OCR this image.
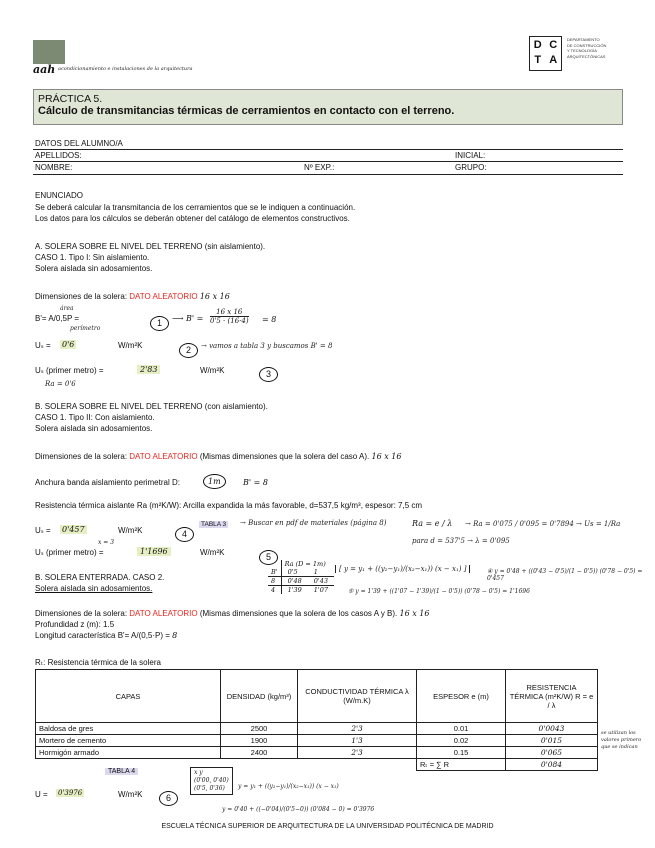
aah acondicionamiento e instalaciones de la arquitectura
D C
T A
DEPARTAMENTO
DE CONSTRUCCIÓN
Y TECNOLOGÍA
ARQUITECTÓNICAS
PRÁCTICA 5.
Cálculo de transmitancias térmicas de cerramientos en contacto con el terreno.
DATOS DEL ALUMNO/A
APELLIDOS:	INICIAL:
NOMBRE:	Nº EXP.:	GRUPO:
ENUNCIADO
Se deberá calcular la transmitancia de los cerramientos que se le indiquen a continuación.
Los datos para los cálculos se deberán obtener del catálogo de elementos constructivos.
A. SOLERA SOBRE EL NIVEL DEL TERRENO (sin aislamiento).
CASO 1. Tipo I: Sin aislamiento.
Solera aislada sin adosamientos.
Dimensiones de la solera: DATO ALEATORIO 16 x 16
área
B'= A/0,5P =
perímetro
1	⟶ $B' = \frac{16 x 16}{0'5 \cdot (16\cdot 4)} = 8$
Uₛ = 0'6	W/m²K	2	→ vamos a tabla 3 y buscamos B' = 8
Uₛ (primer metro) =	2'83	W/m²K	3
Ra = 0'6
B. SOLERA SOBRE EL NIVEL DEL TERRENO (con aislamiento).
CASO 1. Tipo II: Con aislamiento.
Solera aislada sin adosamientos.
Dimensiones de la solera: DATO ALEATORIO (Mismas dimensiones que la solera del caso A). 16 x 16
Anchura banda aislamiento perimetral D:	1m	B' = 8
Resistencia térmica aislante Ra (m²K/W): Arcilla expandida la más favorable, d=537,5 kg/m³, espesor: 7,5 cm
Uₛ = 0'457	W/m²K	4
TABLA 3 → Buscar en pdf de materiales (página 8)	Ra = e / λ → Ra = 0'075 / 0'095 = 0'7894 → Us = 1/Ra
para d = 537'5 → λ = 0'095
x = 3
Uₛ (primer metro) =	1'1696	W/m²K	5
	Ra (D = 1m)	
B'	0'5	1
8	0'48	0'43
4	1'39	1'07
[ y = y₁ + ((y₂−y₁)/(x₂−x₁)) (x − x₁) ]	④ y = 0'48 + ((0'43 − 0'5)/(1 − 0'5)) (0'78 − 0'5) = 0'457
⑤ y = 1'39 + ((1'07 − 1'39)/(1 − 0'5)) (0'78 − 0'5) = 1'1696
B. SOLERA ENTERRADA. CASO 2.
Solera aislada sin adosamientos.
Dimensiones de la solera: DATO ALEATORIO (Mismas dimensiones que la solera de los casos A y B). 16 x 16
Profundidad z (m): 1.5
Longitud característica B'= A/(0,5·P) = 8
Rₜ: Resistencia térmica de la solera
CAPAS	DENSIDAD (kg/m³)	CONDUCTIVIDAD TÉRMICA λ (W/m.K)	ESPESOR e (m)	RESISTENCIA TÉRMICA (m²K/W) R = e / λ
Baldosa de gres	2500	2'3	0.01	0'0043
Mortero de cemento	1900	1'3	0.02	0'015
Hormigón armado	2400	2'3	0.15	0'065
			Rₜ = ∑ R	0'084
se utilizan los valores primero que se indican
TABLA 4
U = 0'3976	W/m²K	6
x y
(0'00, 0'40)
(0'5, 0'36)	y = y₁ + ((y₂−y₁)/(x₂−x₁)) (x − x₁)
y = 0'40 + ((−0'04)/(0'5−0)) (0'084 − 0) = 0'3976
ESCUELA TÉCNICA SUPERIOR DE ARQUITECTURA DE LA UNIVERSIDAD POLITÉCNICA DE MADRID
